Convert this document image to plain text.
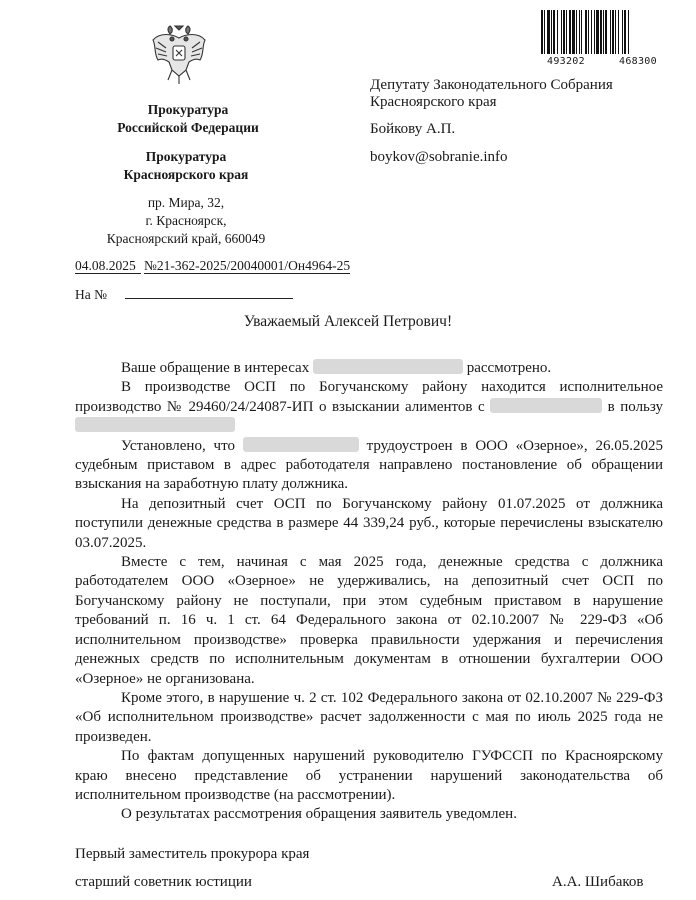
Прокуратура
Российской Федерации
Прокуратура
Красноярского края
пр. Мира, 32,
г. Красноярск,
Красноярский край, 660049
04.08.2025 №21-362-2025/20040001/Он4964-25
На №
493202	468300
Депутату Законодательного Собрания
Красноярского края
Бойкову А.П.
boykov@sobranie.info
Уважаемый Алексей Петрович!

Ваше обращение в интересах	рассмотрено.

В производстве ОСП по Богучанскому району находится исполнительное производство № 29460/24/24087-ИП о взыскании алиментов с	в пользу

Установлено, что	трудоустроен в ООО «Озерное», 26.05.2025 судебным приставом в адрес работодателя направлено постановление об обращении взыскания на заработную плату должника.

На депозитный счет ОСП по Богучанскому району 01.07.2025 от должника поступили денежные средства в размере 44 339,24 руб., которые перечислены взыскателю 03.07.2025.

Вместе с тем, начиная с мая 2025 года, денежные средства с должника работодателем ООО «Озерное» не удерживались, на депозитный счет ОСП по Богучанскому району не поступали, при этом судебным приставом в нарушение требований п. 16 ч. 1 ст. 64 Федерального закона от 02.10.2007 № 229-ФЗ «Об исполнительном производстве» проверка правильности удержания и перечисления денежных средств по исполнительным документам в отношении бухгалтерии ООО «Озерное» не организована.

Кроме этого, в нарушение ч. 2 ст. 102 Федерального закона от 02.10.2007 № 229-ФЗ «Об исполнительном производстве» расчет задолженности с мая по июль 2025 года не произведен.

По фактам допущенных нарушений руководителю ГУФССП по Красноярскому краю внесено представление об устранении нарушений законодательства об исполнительном производстве (на рассмотрении).

О результатах рассмотрения обращения заявитель уведомлен.

Первый заместитель прокурора края
старший советник юстиции	А.А. Шибаков
